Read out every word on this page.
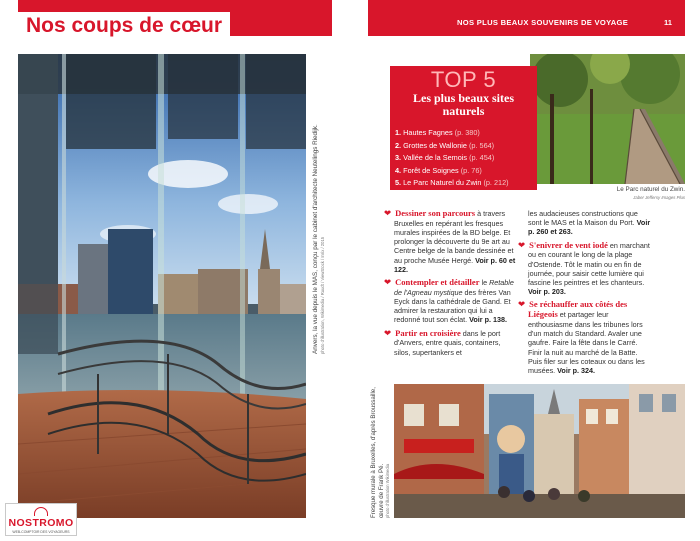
Nos coups de cœur
Anvers, la vue depuis le MAS, conçu par le cabinet d'architecte Neutelings Riedijk. photo d'illustration, Wikimedia / Ruudt / ViewStock / Inrix / 2015
NOSTROMO
WEB-COMPTOIR DES VOYAGEURS
NOS PLUS BEAUX SOUVENIRS DE VOYAGE	11
TOP 5
Les plus beaux sites
naturels
1. Hautes Fagnes (p. 380)
2. Grottes de Wallonie (p. 564)
3. Vallée de la Semois (p. 454)
4. Forêt de Soignes (p. 76)
5. Le Parc Naturel du Zwin (p. 212)
Le Parc naturel du Zwin.
Jaber Jeffersy Images Plus
❤ Dessiner son parcours à travers Bruxelles en repérant les fresques murales inspirées de la BD belge. Et prolonger la découverte du 9e art au Centre belge de la bande dessinée et au proche Musée Hergé. Voir p. 60 et 122.
❤ Contempler et détailler le Retable de l'Agneau mystique des frères Van Eyck dans la cathédrale de Gand. Et admirer la restauration qui lui a redonné tout son éclat. Voir p. 138.
❤ Partir en croisière dans le port d'Anvers, entre quais, containers, silos, supertankers et
les audacieuses constructions que sont le MAS et la Maison du Port. Voir p. 260 et 263.
❤ S'enivrer de vent iodé en marchant ou en courant le long de la plage d'Ostende. Tôt le matin ou en fin de journée, pour saisir cette lumière qui fascine les peintres et les chanteurs. Voir p. 203.
❤ Se réchauffer aux côtés des Liégeois et partager leur enthousiasme dans les tribunes lors d'un match du Standard. Avaler une gaufre. Faire la fête dans le Carré. Finir la nuit au marché de la Batte. Puis filer sur les coteaux ou dans les musées. Voir p. 324.
Fresque murale à Bruxelles, d'après Broussaille, œuvre de Frank Pé. photo d'illustration Wikimedia
